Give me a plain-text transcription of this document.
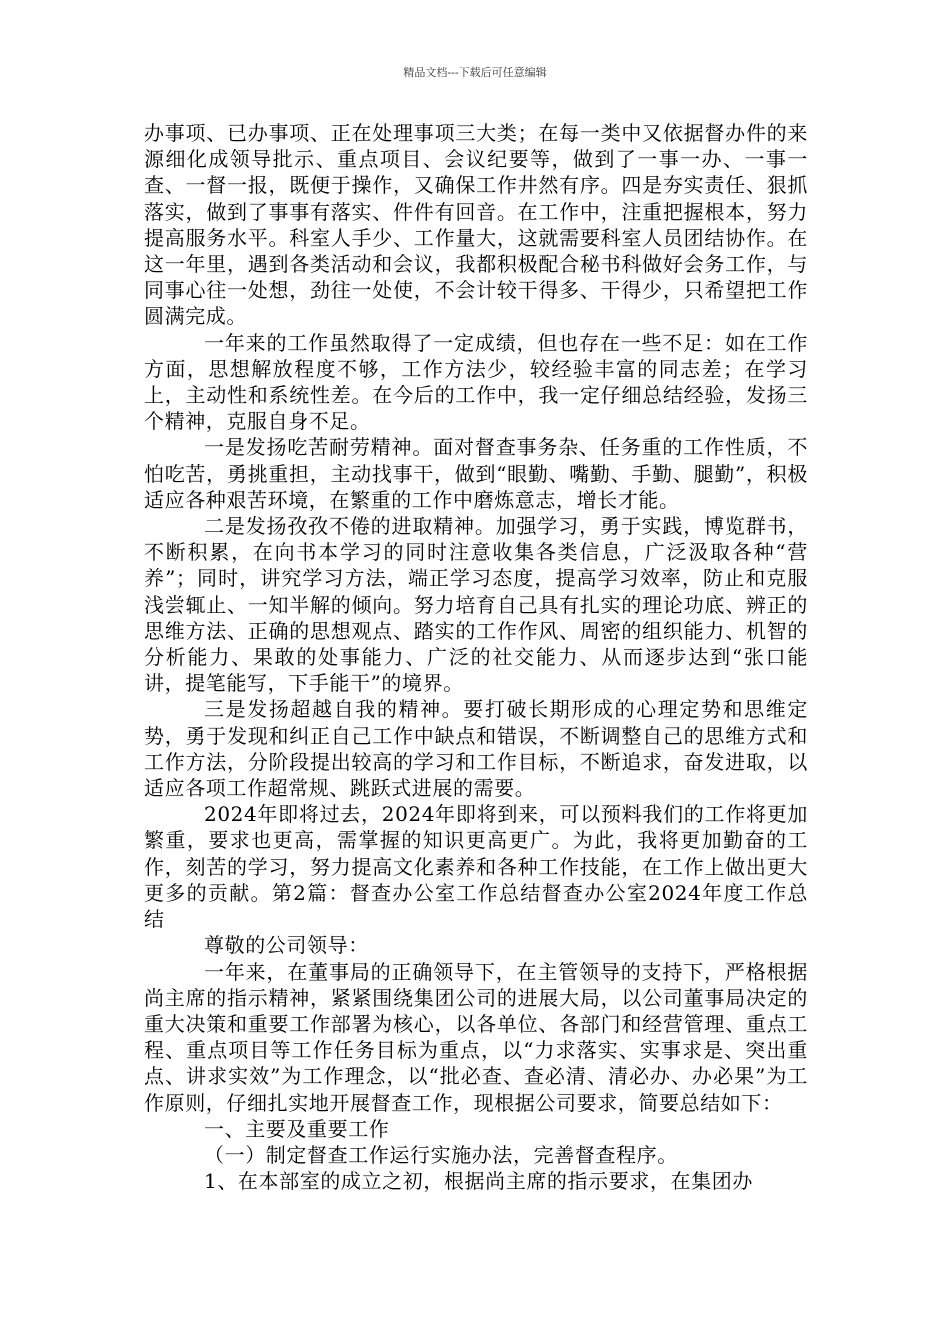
精品文档---下载后可任意编辑

办事项、已办事项、正在处理事项三大类；在每一类中又依据督办件的来源细化成领导批示、重点项目、会议纪要等，做到了一事一办、一事一查、一督一报，既便于操作，又确保工作井然有序。四是夯实责任、狠抓落实，做到了事事有落实、件件有回音。在工作中，注重把握根本，努力提高服务水平。科室人手少、工作量大，这就需要科室人员团结协作。在这一年里，遇到各类活动和会议，我都积极配合秘书科做好会务工作，与同事心往一处想，劲往一处使，不会计较干得多、干得少，只希望把工作圆满完成。

一年来的工作虽然取得了一定成绩，但也存在一些不足：如在工作方面，思想解放程度不够，工作方法少，较经验丰富的同志差；在学习上，主动性和系统性差。在今后的工作中，我一定仔细总结经验，发扬三个精神，克服自身不足。

一是发扬吃苦耐劳精神。面对督查事务杂、任务重的工作性质，不怕吃苦，勇挑重担，主动找事干，做到“眼勤、嘴勤、手勤、腿勤”，积极适应各种艰苦环境，在繁重的工作中磨炼意志，增长才能。

二是发扬孜孜不倦的进取精神。加强学习，勇于实践，博览群书，不断积累，在向书本学习的同时注意收集各类信息，广泛汲取各种“营养”；同时，讲究学习方法，端正学习态度，提高学习效率，防止和克服浅尝辄止、一知半解的倾向。努力培育自己具有扎实的理论功底、辨正的思维方法、正确的思想观点、踏实的工作作风、周密的组织能力、机智的分析能力、果敢的处事能力、广泛的社交能力、从而逐步达到“张口能讲，提笔能写，下手能干”的境界。

三是发扬超越自我的精神。要打破长期形成的心理定势和思维定势，勇于发现和纠正自己工作中缺点和错误，不断调整自己的思维方式和工作方法，分阶段提出较高的学习和工作目标，不断追求，奋发进取，以适应各项工作超常规、跳跃式进展的需要。

2024年即将过去，2024年即将到来，可以预料我们的工作将更加繁重，要求也更高，需掌握的知识更高更广。为此，我将更加勤奋的工作，刻苦的学习，努力提高文化素养和各种工作技能，在工作上做出更大更多的贡献。第2篇：督查办公室工作总结督查办公室2024年度工作总结

尊敬的公司领导：

一年来，在董事局的正确领导下，在主管领导的支持下，严格根据尚主席的指示精神，紧紧围绕集团公司的进展大局，以公司董事局决定的重大决策和重要工作部署为核心，以各单位、各部门和经营管理、重点工程、重点项目等工作任务目标为重点，以“力求落实、实事求是、突出重点、讲求实效”为工作理念，以“批必查、查必清、清必办、办必果”为工作原则，仔细扎实地开展督查工作，现根据公司要求，简要总结如下：

一、主要及重要工作

（一）制定督查工作运行实施办法，完善督查程序。

1、在本部室的成立之初，根据尚主席的指示要求，在集团办
